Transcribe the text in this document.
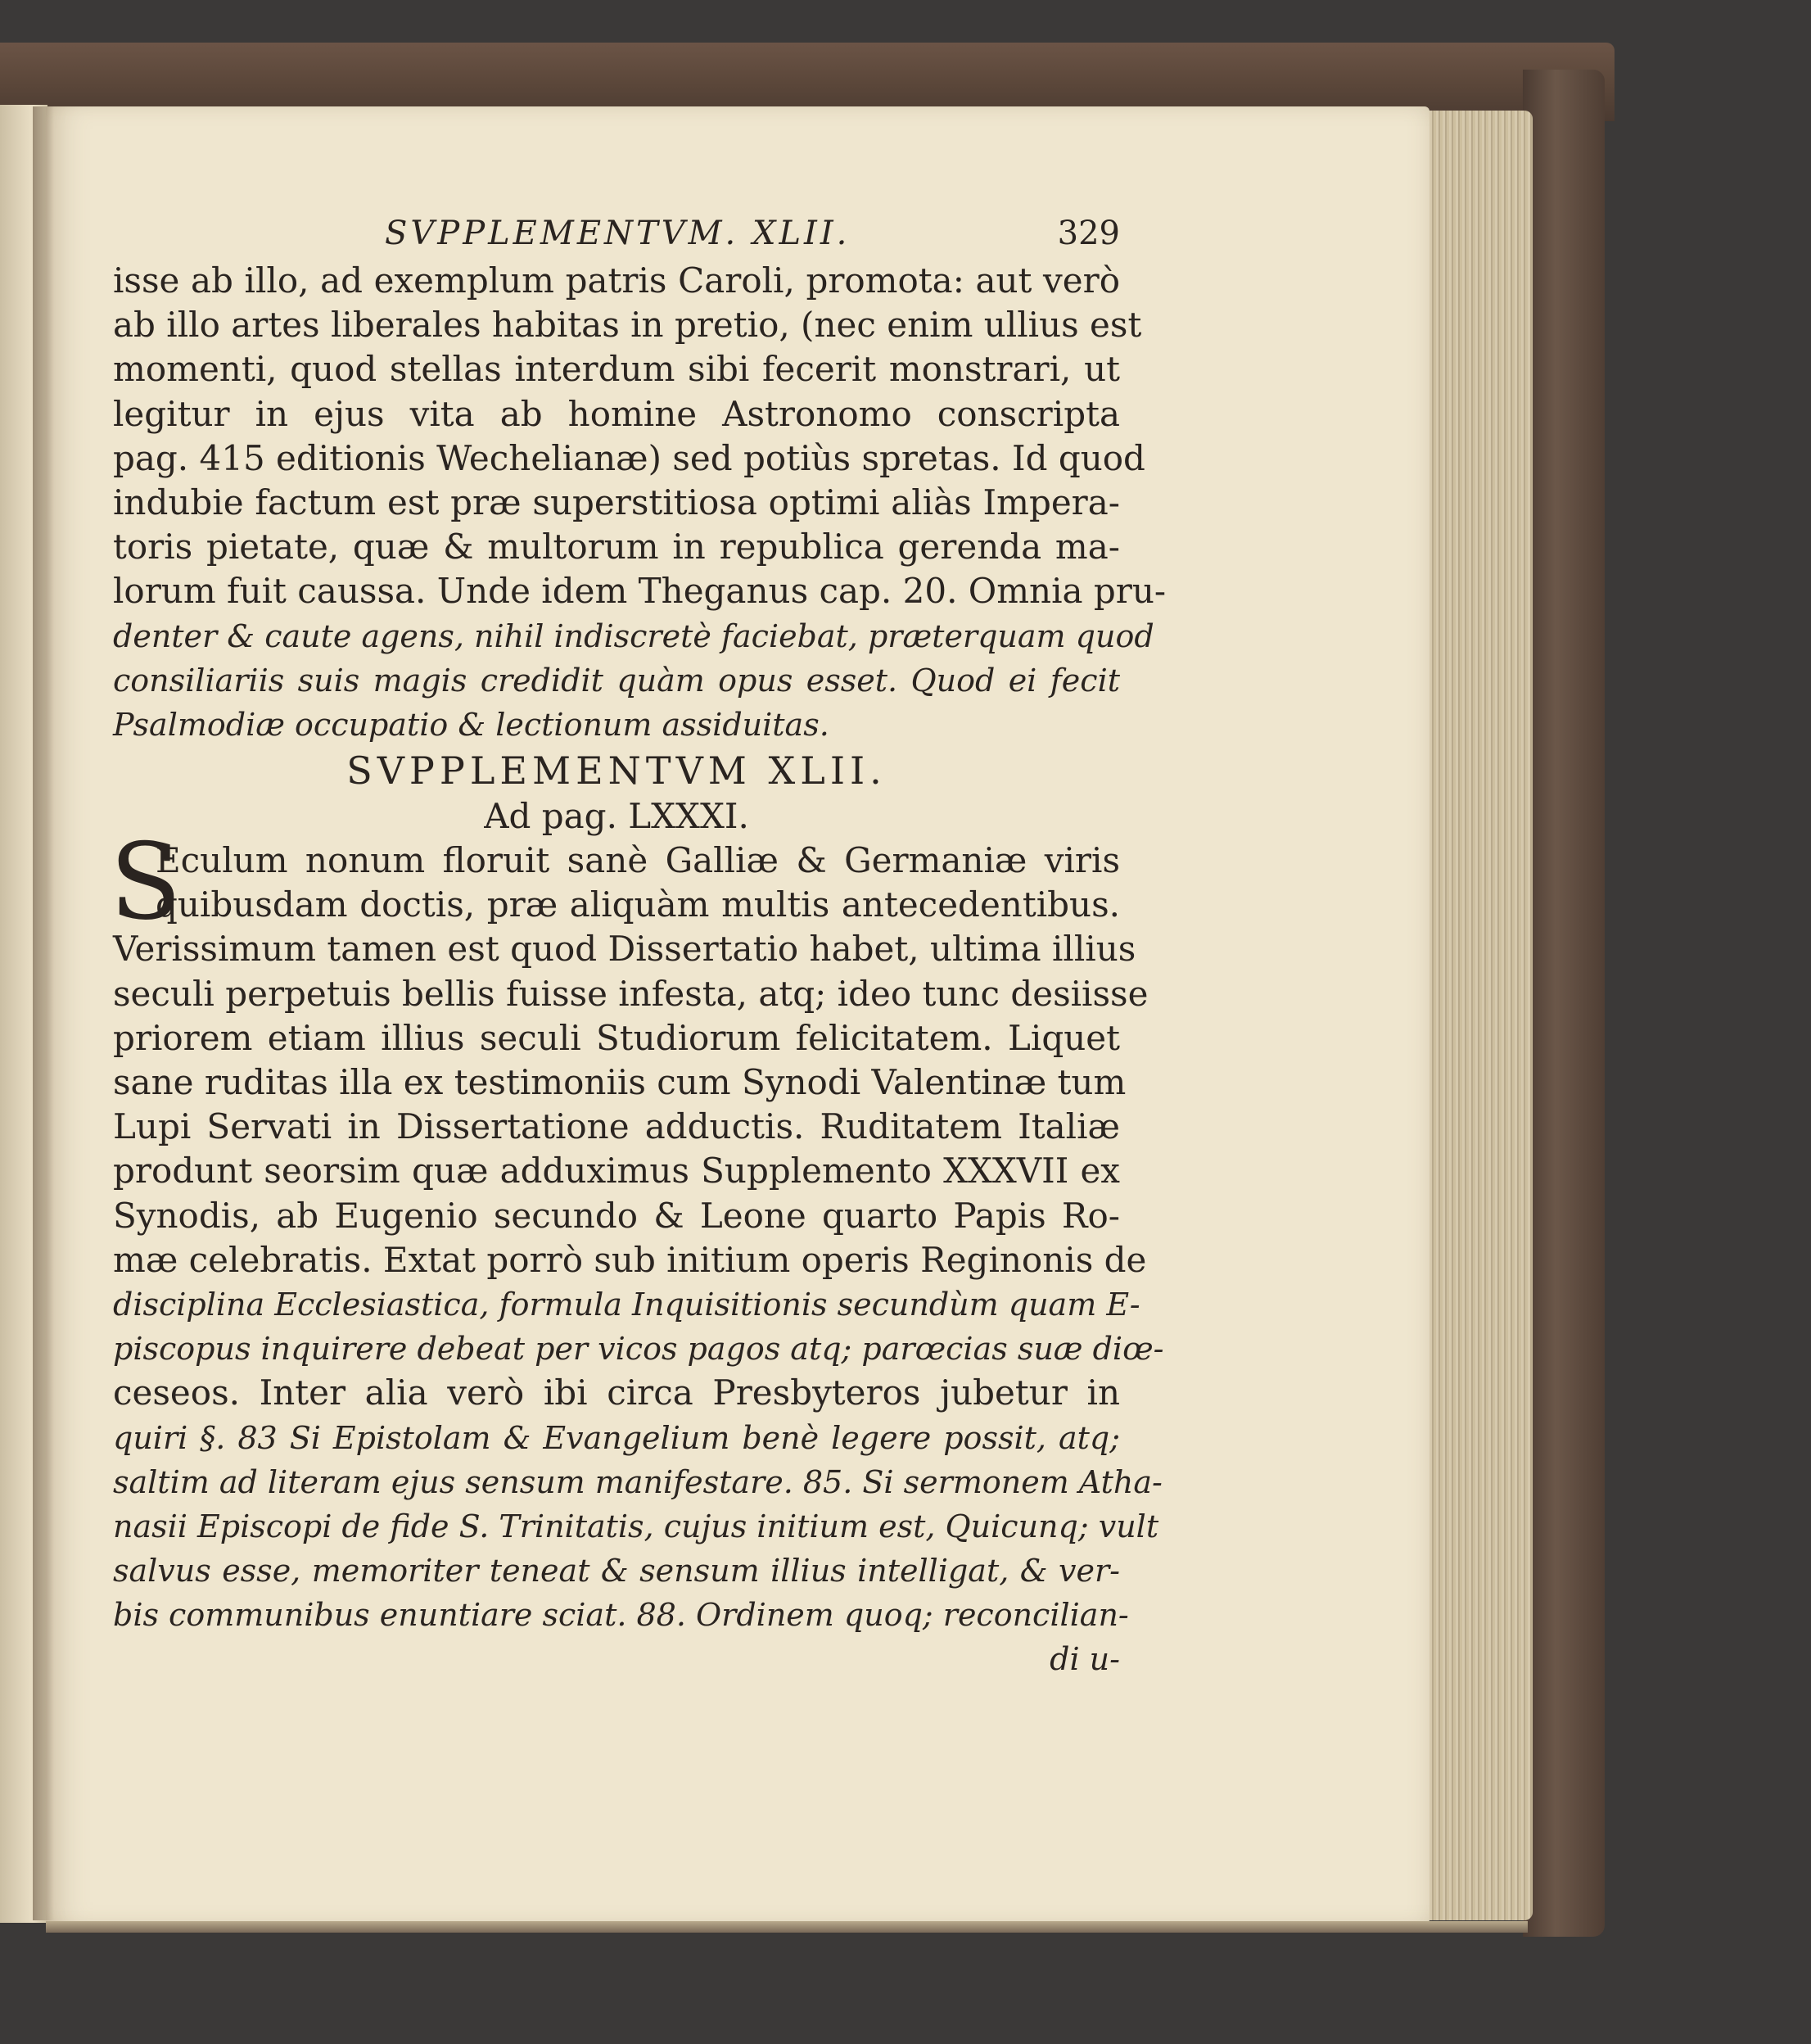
SVPPLEMENTVM. XLII.	329
isse ab illo, ad exemplum patris Caroli, promota: aut verò
ab illo artes liberales habitas in pretio, (nec enim ullius est
momenti, quod stellas interdum sibi fecerit monstrari, ut
legitur in ejus vita ab homine Astronomo conscripta
pag. 415 editionis Wechelianæ) sed potiùs spretas. Id quod
indubie factum est præ superstitiosa optimi aliàs Impera-
toris pietate, quæ & multorum in republica gerenda ma-
lorum fuit caussa. Unde idem Theganus cap. 20. Omnia pru-
denter & caute agens, nihil indiscretè faciebat, præterquam quod
consiliariis suis magis credidit quàm opus esset. Quod ei fecit
Psalmodiæ occupatio & lectionum assiduitas.
SVPPLEMENTVM XLII.
Ad pag. LXXXI.
S
Eculum nonum floruit sanè Galliæ & Germaniæ viris
quibusdam doctis, præ aliquàm multis antecedentibus.
Verissimum tamen est quod Dissertatio habet, ultima illius
seculi perpetuis bellis fuisse infesta, atq; ideo tunc desiisse
priorem etiam illius seculi Studiorum felicitatem. Liquet
sane ruditas illa ex testimoniis cum Synodi Valentinæ tum
Lupi Servati in Dissertatione adductis. Ruditatem Italiæ
produnt seorsim quæ adduximus Supplemento XXXVII ex
Synodis, ab Eugenio secundo & Leone quarto Papis Ro-
mæ celebratis. Extat porrò sub initium operis Reginonis de
disciplina Ecclesiastica, formula Inquisitionis secundùm quam E-
piscopus inquirere debeat per vicos pagos atq; parœcias suæ diœ-
ceseos. Inter alia verò ibi circa Presbyteros jubetur in
quiri §. 83 Si Epistolam & Evangelium benè legere possit, atq;
saltim ad literam ejus sensum manifestare. 85. Si sermonem Atha-
nasii Episcopi de fide S. Trinitatis, cujus initium est, Quicunq; vult
salvus esse, memoriter teneat & sensum illius intelligat, & ver-
bis communibus enuntiare sciat. 88. Ordinem quoq; reconcilian-
di u-
